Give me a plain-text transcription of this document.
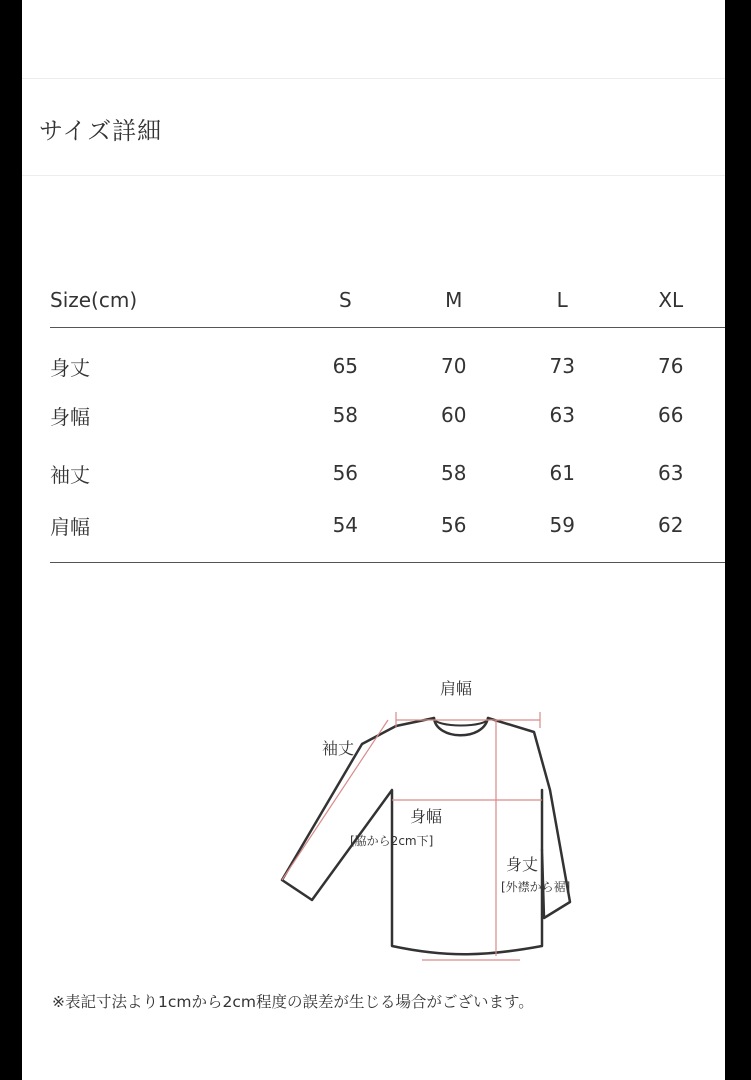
サイズ詳細
Size(cm)	S	M	L	XL
身丈	65	70	73	76
身幅	58	60	63	66
袖丈	56	58	61	63
肩幅	54	56	59	62
肩幅
袖丈
身幅
[脇から2cm下]
身丈
[外襟から裾]
※表記寸法より1cmから2cm程度の誤差が生じる場合がございます。
